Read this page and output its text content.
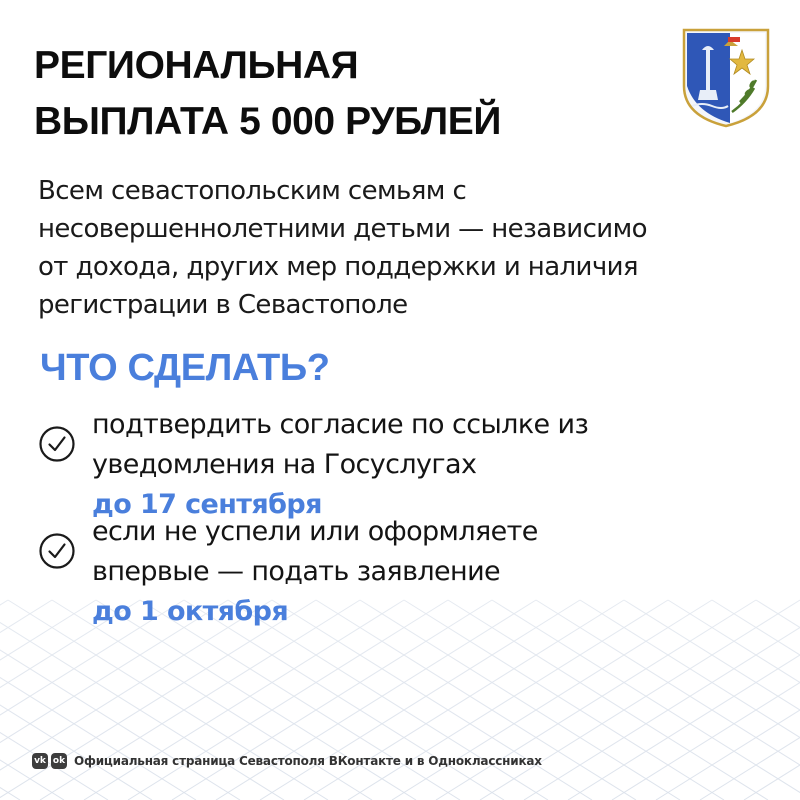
РЕГИОНАЛЬНАЯ
ВЫПЛАТА 5 000 РУБЛЕЙ

Всем севастопольским семьям с
несовершеннолетними детьми — независимо
от дохода, других мер поддержки и наличия
регистрации в Севастополе

ЧТО СДЕЛАТЬ?

подтвердить согласие по ссылке из
уведомления на Госуслугах
до 17 сентября

если не успели или оформляете
впервые — подать заявление
до 1 октября

vk ok Официальная страница Севастополя ВКонтакте и в Одноклассниках
